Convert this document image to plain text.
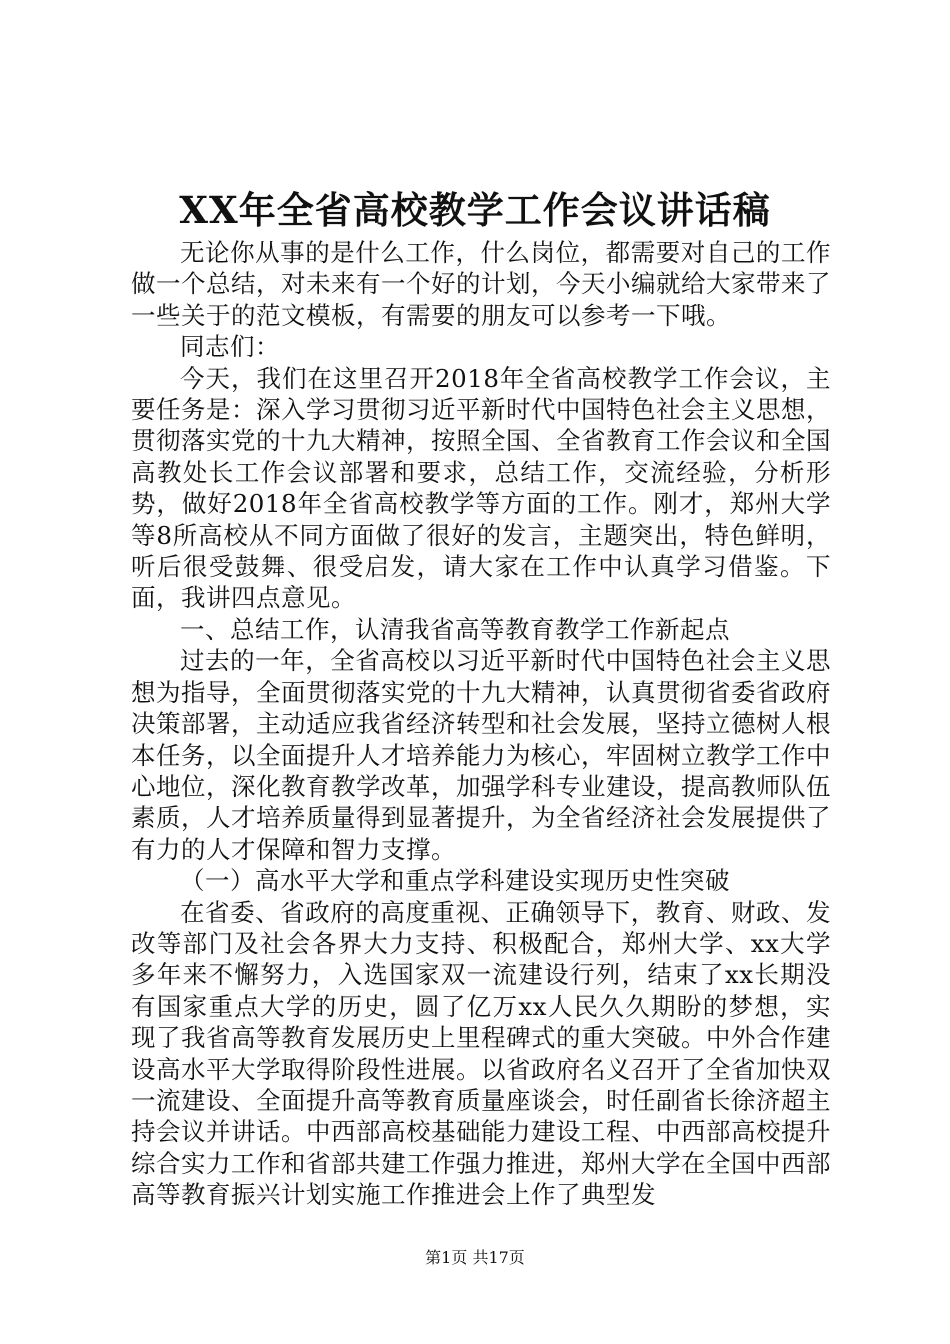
XX年全省高校教学工作会议讲话稿

无论你从事的是什么工作，什么岗位，都需要对自己的工作做一个总结，对未来有一个好的计划，今天小编就给大家带来了一些关于的范文模板，有需要的朋友可以参考一下哦。

同志们：

今天，我们在这里召开2018年全省高校教学工作会议，主要任务是：深入学习贯彻习近平新时代中国特色社会主义思想，贯彻落实党的十九大精神，按照全国、全省教育工作会议和全国高教处长工作会议部署和要求，总结工作，交流经验，分析形势，做好2018年全省高校教学等方面的工作。刚才，郑州大学等8所高校从不同方面做了很好的发言，主题突出，特色鲜明，听后很受鼓舞、很受启发，请大家在工作中认真学习借鉴。下面，我讲四点意见。

一、总结工作，认清我省高等教育教学工作新起点

过去的一年，全省高校以习近平新时代中国特色社会主义思想为指导，全面贯彻落实党的十九大精神，认真贯彻省委省政府决策部署，主动适应我省经济转型和社会发展，坚持立德树人根本任务，以全面提升人才培养能力为核心，牢固树立教学工作中心地位，深化教育教学改革，加强学科专业建设，提高教师队伍素质，人才培养质量得到显著提升，为全省经济社会发展提供了有力的人才保障和智力支撑。

（一）高水平大学和重点学科建设实现历史性突破

在省委、省政府的高度重视、正确领导下，教育、财政、发改等部门及社会各界大力支持、积极配合，郑州大学、xx大学多年来不懈努力，入选国家双一流建设行列，结束了xx长期没有国家重点大学的历史，圆了亿万xx人民久久期盼的梦想，实现了我省高等教育发展历史上里程碑式的重大突破。中外合作建设高水平大学取得阶段性进展。以省政府名义召开了全省加快双一流建设、全面提升高等教育质量座谈会，时任副省长徐济超主持会议并讲话。中西部高校基础能力建设工程、中西部高校提升综合实力工作和省部共建工作强力推进，郑州大学在全国中西部高等教育振兴计划实施工作推进会上作了典型发

第1页 共17页
